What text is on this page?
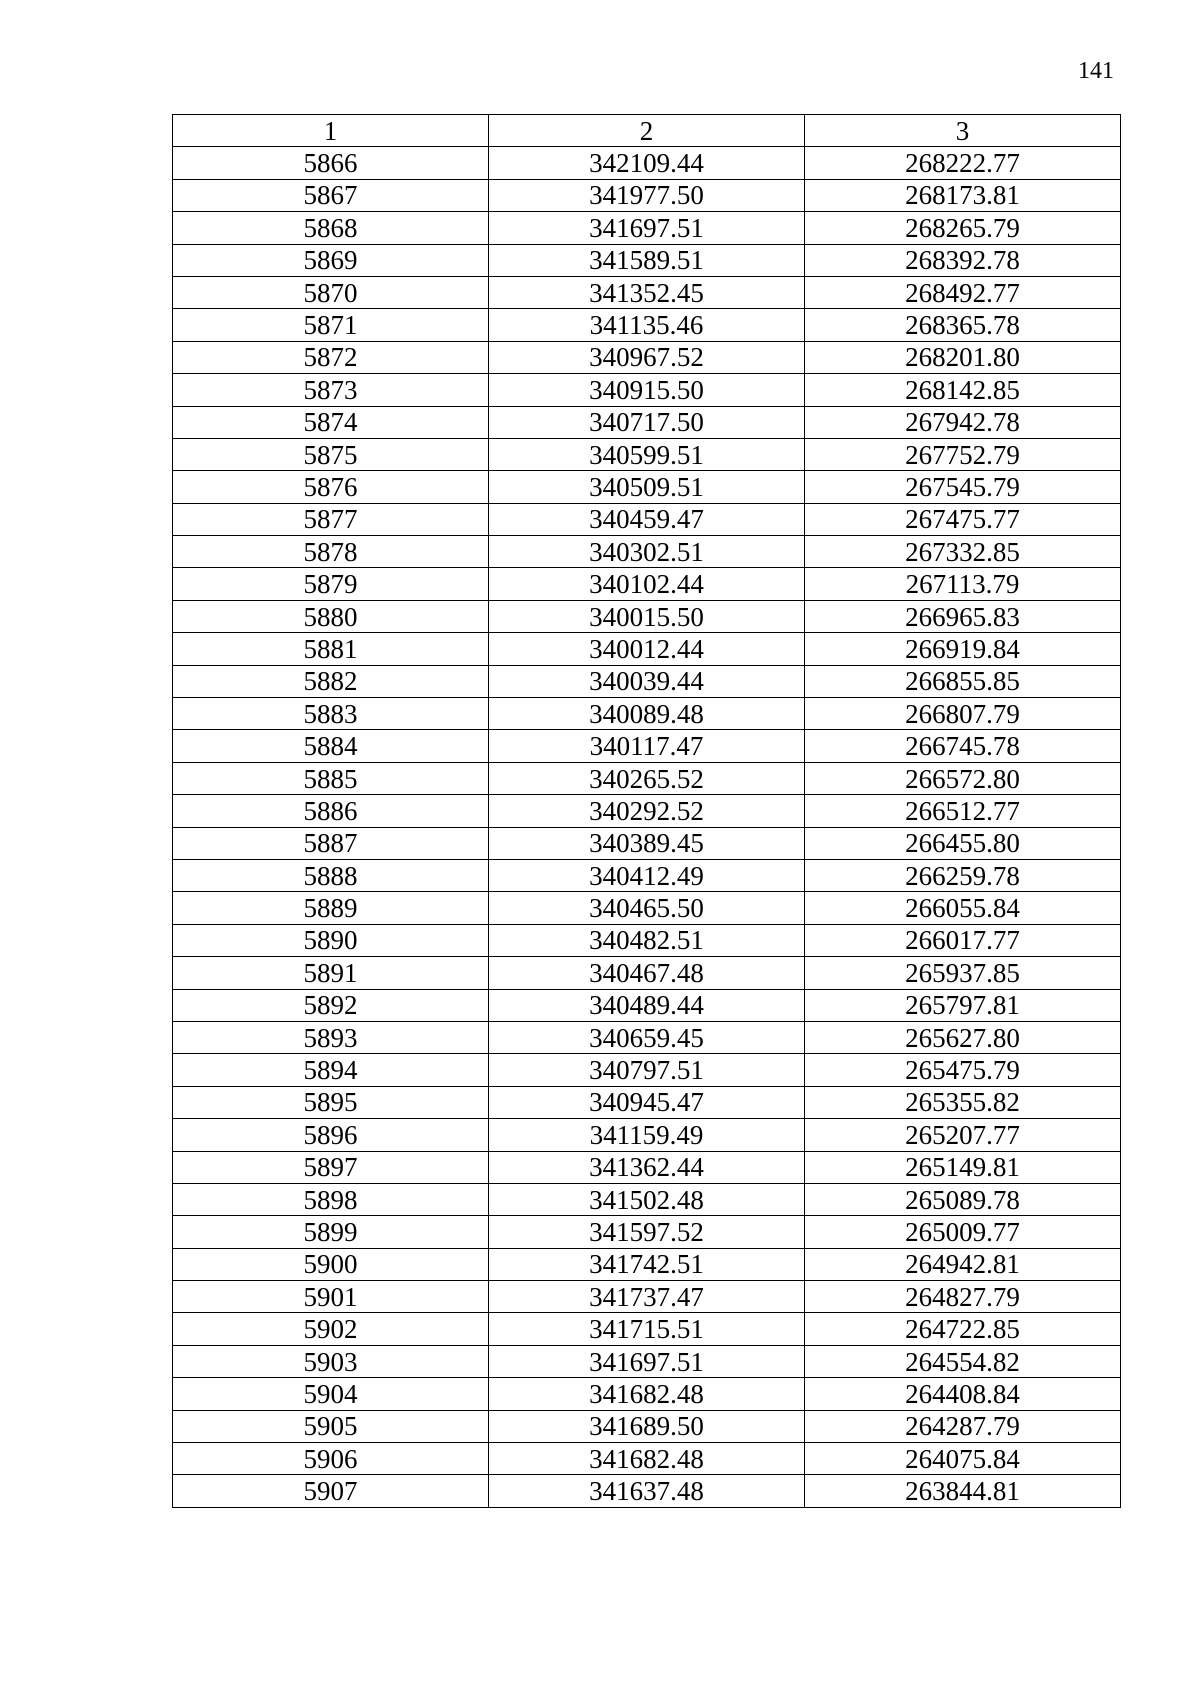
141
1	2	3
5866	342109.44	268222.77
5867	341977.50	268173.81
5868	341697.51	268265.79
5869	341589.51	268392.78
5870	341352.45	268492.77
5871	341135.46	268365.78
5872	340967.52	268201.80
5873	340915.50	268142.85
5874	340717.50	267942.78
5875	340599.51	267752.79
5876	340509.51	267545.79
5877	340459.47	267475.77
5878	340302.51	267332.85
5879	340102.44	267113.79
5880	340015.50	266965.83
5881	340012.44	266919.84
5882	340039.44	266855.85
5883	340089.48	266807.79
5884	340117.47	266745.78
5885	340265.52	266572.80
5886	340292.52	266512.77
5887	340389.45	266455.80
5888	340412.49	266259.78
5889	340465.50	266055.84
5890	340482.51	266017.77
5891	340467.48	265937.85
5892	340489.44	265797.81
5893	340659.45	265627.80
5894	340797.51	265475.79
5895	340945.47	265355.82
5896	341159.49	265207.77
5897	341362.44	265149.81
5898	341502.48	265089.78
5899	341597.52	265009.77
5900	341742.51	264942.81
5901	341737.47	264827.79
5902	341715.51	264722.85
5903	341697.51	264554.82
5904	341682.48	264408.84
5905	341689.50	264287.79
5906	341682.48	264075.84
5907	341637.48	263844.81
